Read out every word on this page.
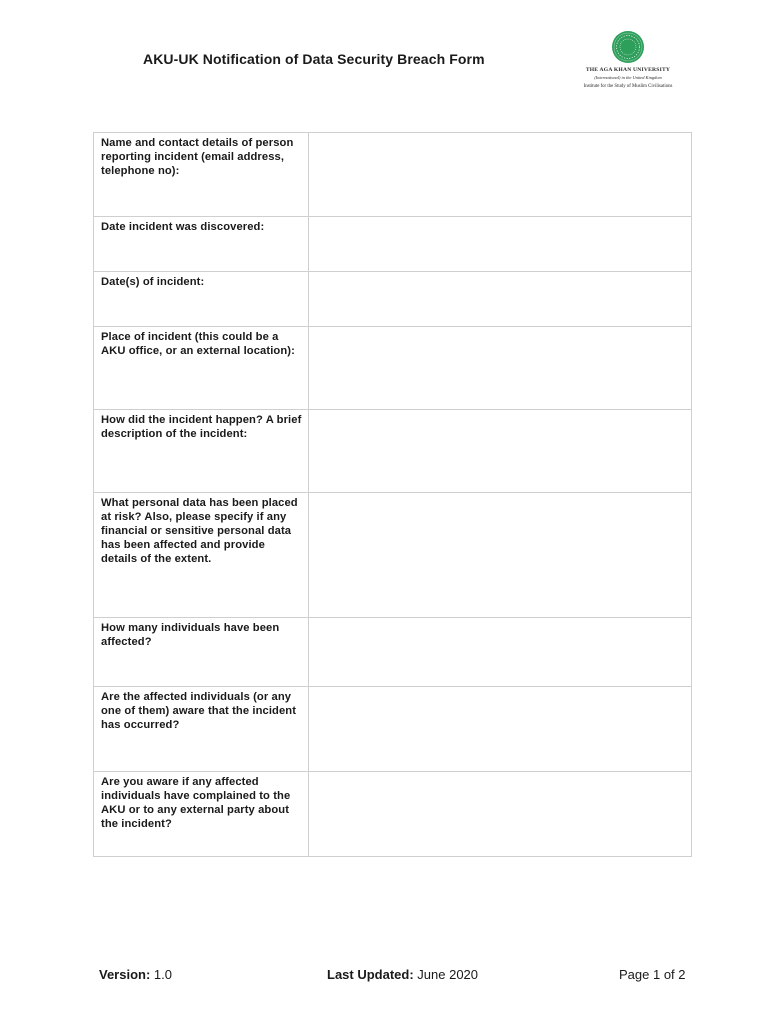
AKU-UK Notification of Data Security Breach Form
THE AGA KHAN UNIVERSITY
(International) in the United Kingdom
Institute for the Study of Muslim Civilisations
Name and contact details of person reporting incident (email address, telephone no):	
Date incident was discovered:	
Date(s) of incident:	
Place of incident (this could be a AKU office, or an external location):	
How did the incident happen? A brief description of the incident:	
What personal data has been placed at risk? Also, please specify if any financial or sensitive personal data has been affected and provide details of the extent.	
How many individuals have been affected?	
Are the affected individuals (or any one of them) aware that the incident has occurred?	
Are you aware if any affected individuals have complained to the AKU or to any external party about the incident?	
Version: 1.0	Last Updated: June 2020	Page 1 of 2
